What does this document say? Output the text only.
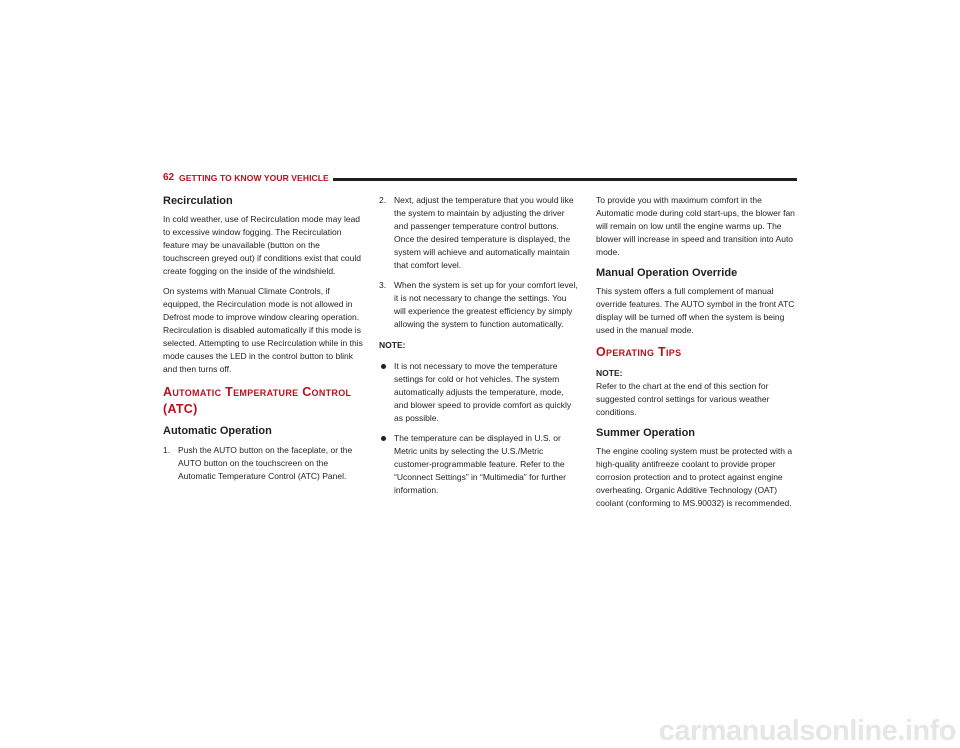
62 GETTING TO KNOW YOUR VEHICLE
Recirculation
In cold weather, use of Recirculation mode may lead to excessive window fogging. The Recirculation feature may be unavailable (button on the touchscreen greyed out) if conditions exist that could create fogging on the inside of the windshield.
On systems with Manual Climate Controls, if equipped, the Recirculation mode is not allowed in Defrost mode to improve window clearing operation. Recirculation is disabled automatically if this mode is selected. Attempting to use Recirculation while in this mode causes the LED in the control button to blink and then turns off.
Automatic Temperature Control (ATC)
Automatic Operation
1. Push the AUTO button on the faceplate, or the AUTO button on the touchscreen on the Automatic Temperature Control (ATC) Panel.
2. Next, adjust the temperature that you would like the system to maintain by adjusting the driver and passenger temperature control buttons. Once the desired temperature is displayed, the system will achieve and automatically maintain that comfort level.
3. When the system is set up for your comfort level, it is not necessary to change the settings. You will experience the greatest efficiency by simply allowing the system to function automatically.
NOTE:
It is not necessary to move the temperature settings for cold or hot vehicles. The system automatically adjusts the temperature, mode, and blower speed to provide comfort as quickly as possible.
The temperature can be displayed in U.S. or Metric units by selecting the U.S./Metric customer-programmable feature. Refer to the “Uconnect Settings” in “Multimedia” for further information.
To provide you with maximum comfort in the Automatic mode during cold start-ups, the blower fan will remain on low until the engine warms up. The blower will increase in speed and transition into Auto mode.
Manual Operation Override
This system offers a full complement of manual override features. The AUTO symbol in the front ATC display will be turned off when the system is being used in the manual mode.
Operating Tips
NOTE:
Refer to the chart at the end of this section for suggested control settings for various weather conditions.
Summer Operation
The engine cooling system must be protected with a high-quality antifreeze coolant to provide proper corrosion protection and to protect against engine overheating. Organic Additive Technology (OAT) coolant (conforming to MS.90032) is recommended.
carmanualsonline.info
